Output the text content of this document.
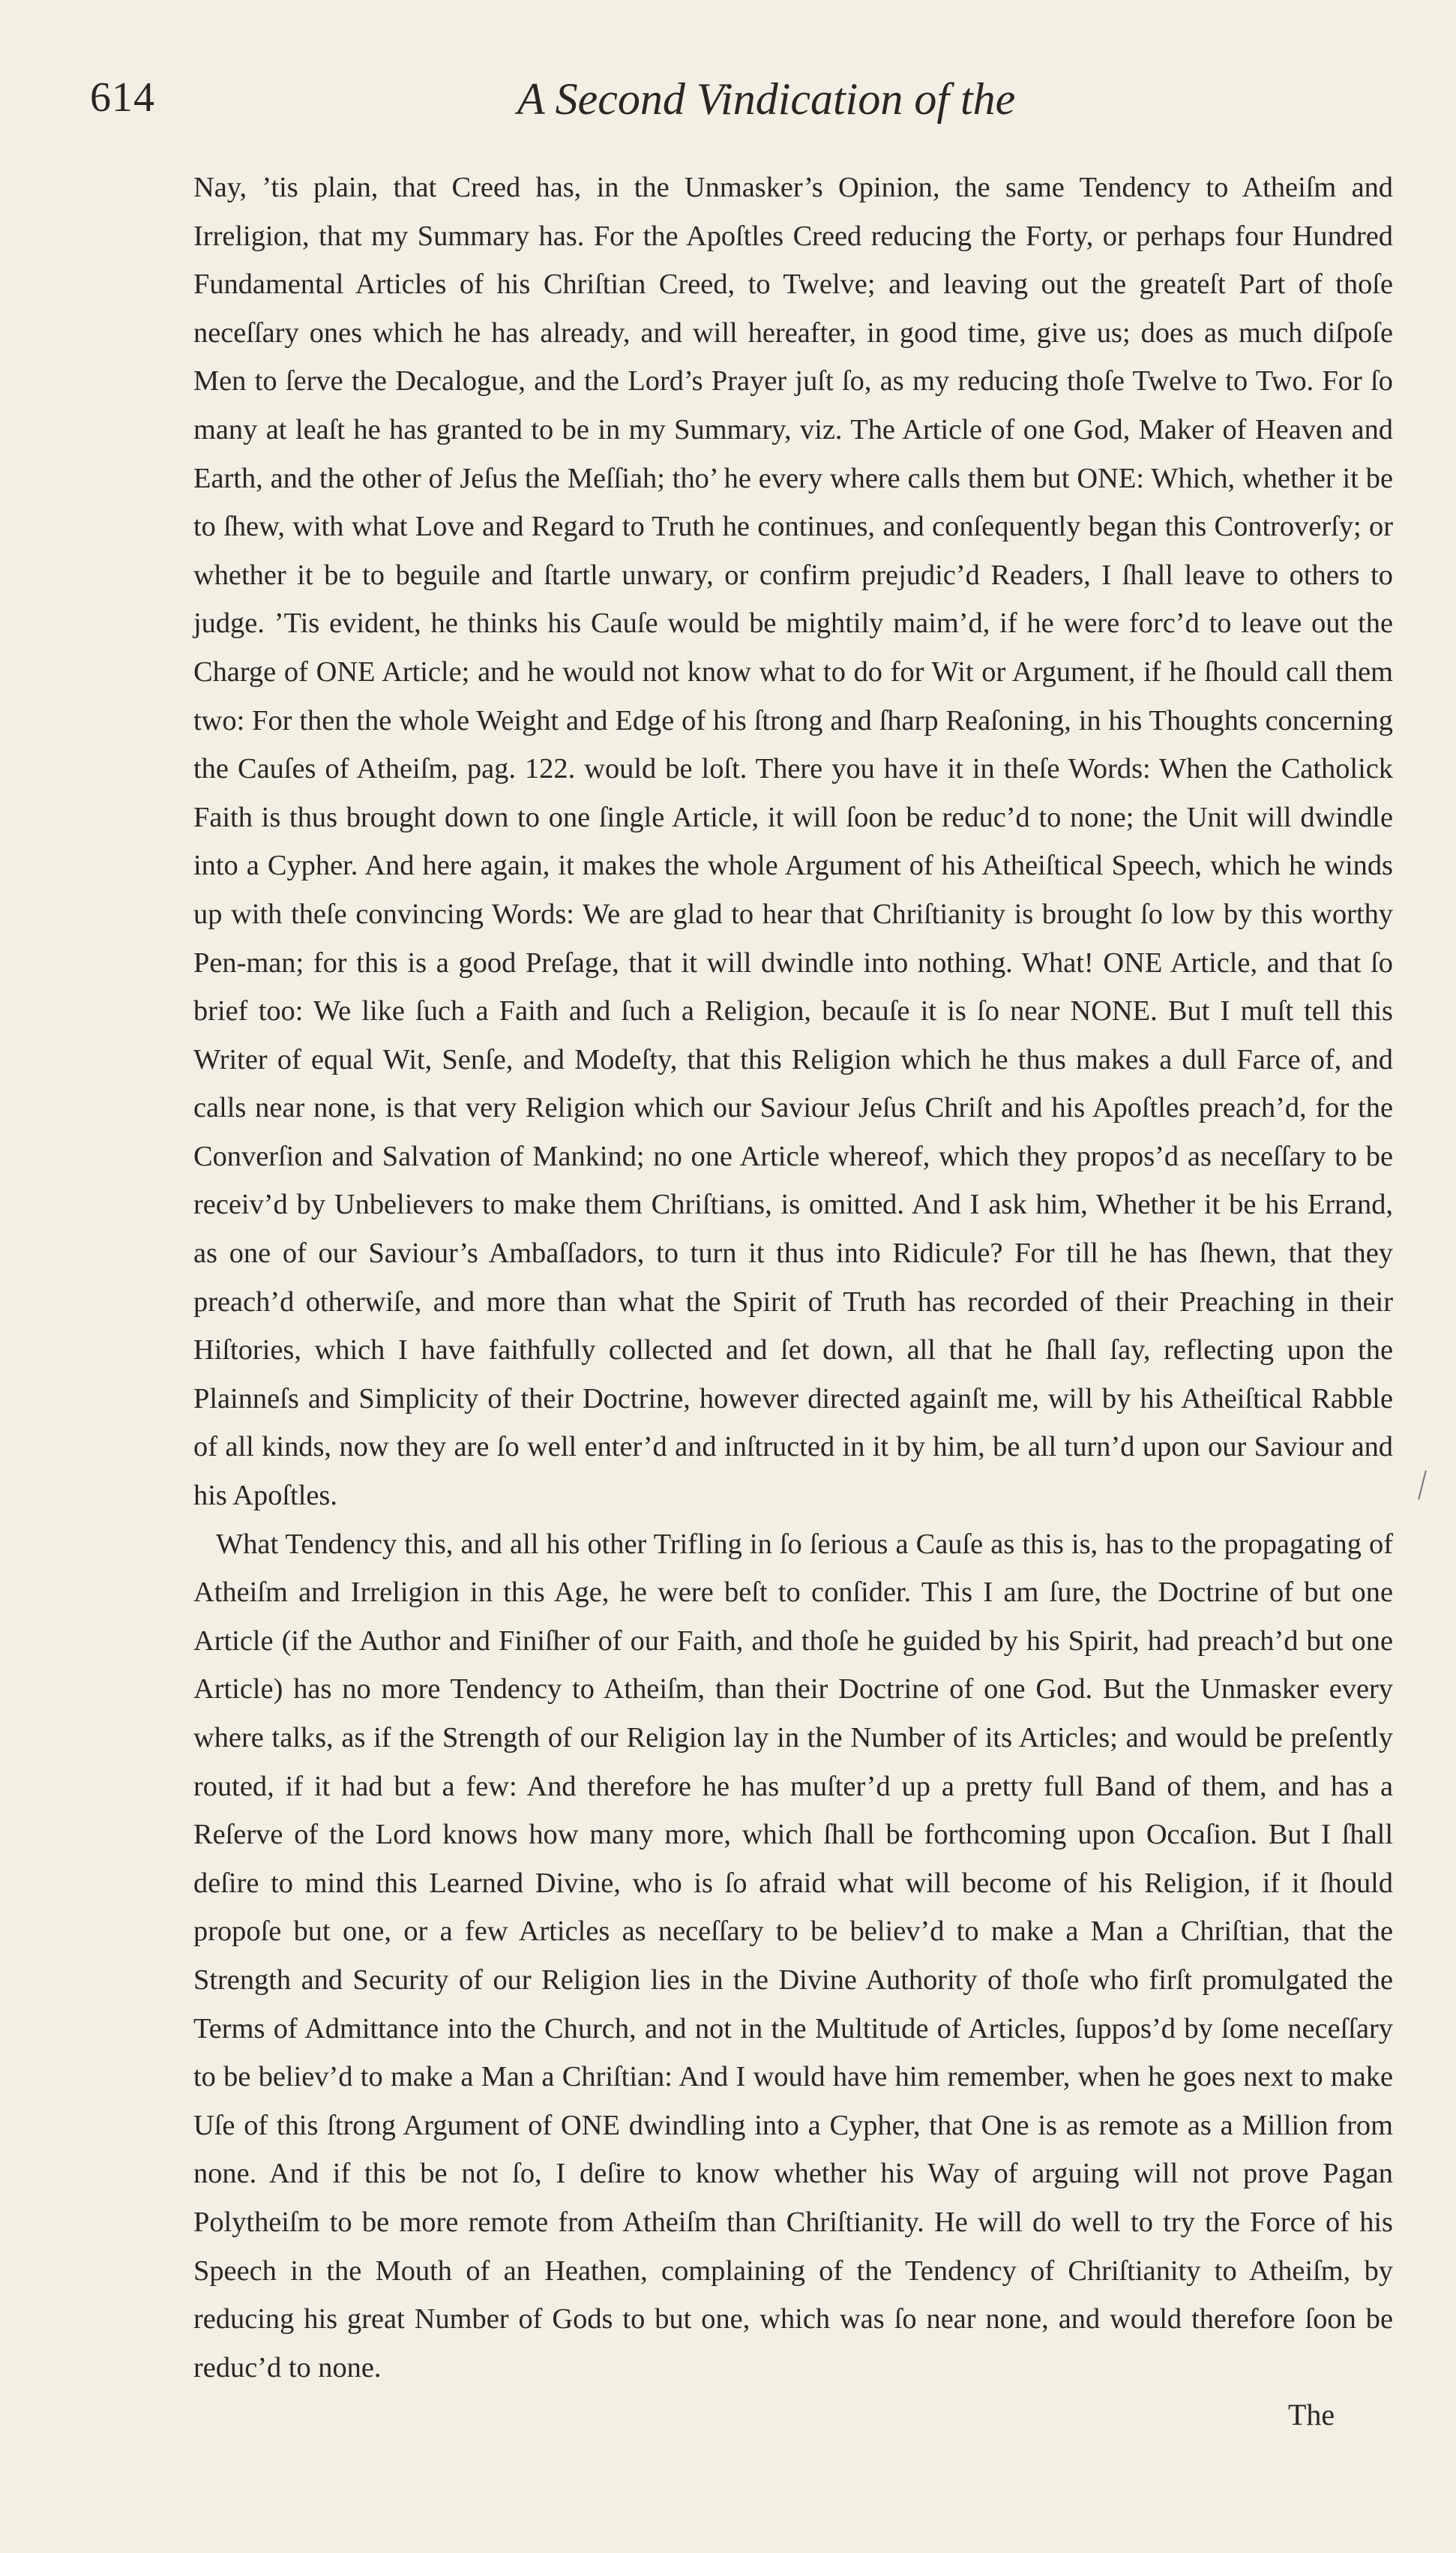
614	A Second Vindication of the

Nay, ’tis plain, that Creed has, in the Unmasker’s Opinion, the same Tendency to Atheiſm and Irreligion, that my Summary has. For the Apoſtles Creed reducing the Forty, or perhaps four Hundred Fundamental Articles of his Chriſtian Creed, to Twelve; and leaving out the greateſt Part of thoſe neceſſary ones which he has already, and will hereafter, in good time, give us; does as much diſpoſe Men to ſerve the Decalogue, and the Lord’s Prayer juſt ſo, as my reducing thoſe Twelve to Two. For ſo many at leaſt he has granted to be in my Summary, viz. The Article of one God, Maker of Heaven and Earth, and the other of Jeſus the Meſſiah; tho’ he every where calls them but ONE: Which, whether it be to ſhew, with what Love and Regard to Truth he continues, and conſequently began this Controverſy; or whether it be to beguile and ſtartle unwary, or confirm prejudic’d Readers, I ſhall leave to others to judge. ’Tis evident, he thinks his Cauſe would be mightily maim’d, if he were forc’d to leave out the Charge of ONE Article; and he would not know what to do for Wit or Argument, if he ſhould call them two: For then the whole Weight and Edge of his ſtrong and ſharp Reaſoning, in his Thoughts concerning the Cauſes of Atheiſm, pag. 122. would be loſt. There you have it in theſe Words: When the Catholick Faith is thus brought down to one ſingle Article, it will ſoon be reduc’d to none; the Unit will dwindle into a Cypher. And here again, it makes the whole Argument of his Atheiſtical Speech, which he winds up with theſe convincing Words: We are glad to hear that Chriſtianity is brought ſo low by this worthy Pen-man; for this is a good Preſage, that it will dwindle into nothing. What! ONE Article, and that ſo brief too: We like ſuch a Faith and ſuch a Religion, becauſe it is ſo near NONE. But I muſt tell this Writer of equal Wit, Senſe, and Modeſty, that this Religion which he thus makes a dull Farce of, and calls near none, is that very Religion which our Saviour Jeſus Chriſt and his Apoſtles preach’d, for the Converſion and Salvation of Mankind; no one Article whereof, which they propos’d as neceſſary to be receiv’d by Unbelievers to make them Chriſtians, is omitted. And I ask him, Whether it be his Errand, as one of our Saviour’s Ambaſſadors, to turn it thus into Ridicule? For till he has ſhewn, that they preach’d otherwiſe, and more than what the Spirit of Truth has recorded of their Preaching in their Hiſtories, which I have faithfully collected and ſet down, all that he ſhall ſay, reflecting upon the Plainneſs and Simplicity of their Doctrine, however directed againſt me, will by his Atheiſtical Rabble of all kinds, now they are ſo well enter’d and inſtructed in it by him, be all turn’d upon our Saviour and his Apoſtles.

What Tendency this, and all his other Trifling in ſo ſerious a Cauſe as this is, has to the propagating of Atheiſm and Irreligion in this Age, he were beſt to conſider. This I am ſure, the Doctrine of but one Article (if the Author and Finiſher of our Faith, and thoſe he guided by his Spirit, had preach’d but one Article) has no more Tendency to Atheiſm, than their Doctrine of one God. But the Unmasker every where talks, as if the Strength of our Religion lay in the Number of its Articles; and would be preſently routed, if it had but a few: And therefore he has muſter’d up a pretty full Band of them, and has a Reſerve of the Lord knows how many more, which ſhall be forthcoming upon Occaſion. But I ſhall deſire to mind this Learned Divine, who is ſo afraid what will become of his Religion, if it ſhould propoſe but one, or a few Articles as neceſſary to be believ’d to make a Man a Chriſtian, that the Strength and Security of our Religion lies in the Divine Authority of thoſe who firſt promulgated the Terms of Admittance into the Church, and not in the Multitude of Articles, ſuppos’d by ſome neceſſary to be believ’d to make a Man a Chriſtian: And I would have him remember, when he goes next to make Uſe of this ſtrong Argument of ONE dwindling into a Cypher, that One is as remote as a Million from none. And if this be not ſo, I deſire to know whether his Way of arguing will not prove Pagan Polytheiſm to be more remote from Atheiſm than Chriſtianity. He will do well to try the Force of his Speech in the Mouth of an Heathen, complaining of the Tendency of Chriſtianity to Atheiſm, by reducing his great Number of Gods to but one, which was ſo near none, and would therefore ſoon be reduc’d to none.

The
